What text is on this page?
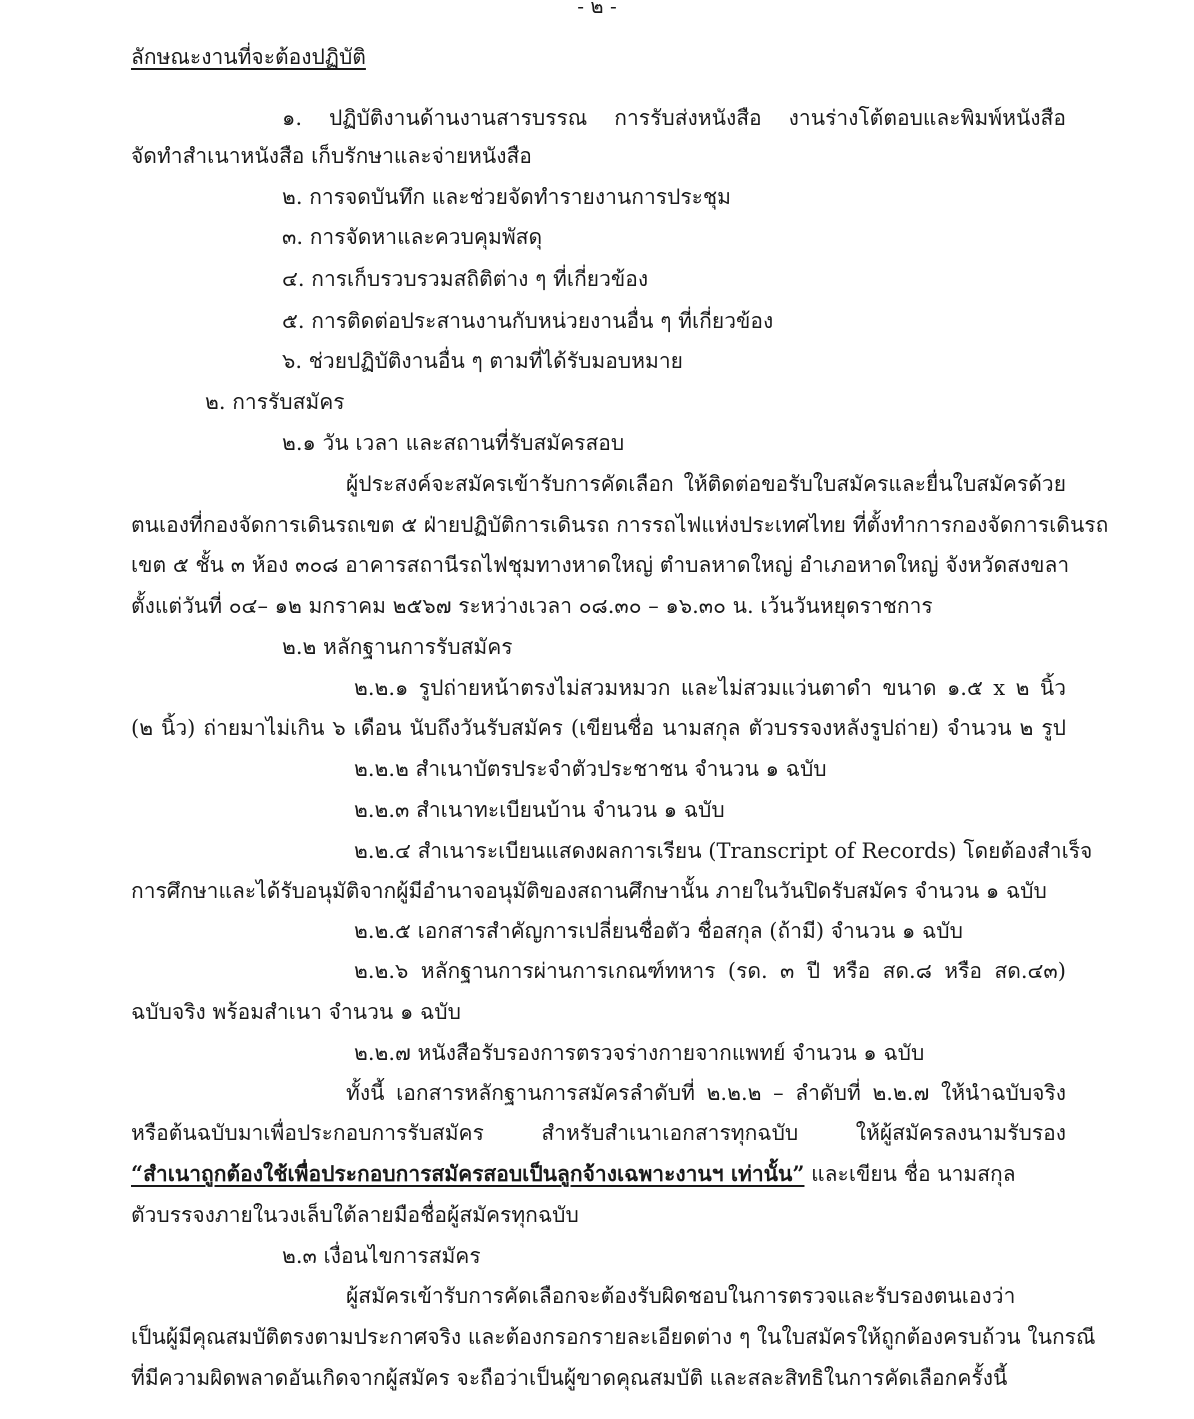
- ๒ -
ลักษณะงานที่จะต้องปฏิบัติ
๑. ปฏิบัติงานด้านงานสารบรรณ การรับส่งหนังสือ งานร่างโต้ตอบและพิมพ์หนังสือ
จัดทำสำเนาหนังสือ เก็บรักษาและจ่ายหนังสือ
๒. การจดบันทึก และช่วยจัดทำรายงานการประชุม
๓. การจัดหาและควบคุมพัสดุ
๔. การเก็บรวบรวมสถิติต่าง ๆ ที่เกี่ยวข้อง
๕. การติดต่อประสานงานกับหน่วยงานอื่น ๆ ที่เกี่ยวข้อง
๖. ช่วยปฏิบัติงานอื่น ๆ ตามที่ได้รับมอบหมาย
๒. การรับสมัคร
๒.๑ วัน เวลา และสถานที่รับสมัครสอบ
ผู้ประสงค์จะสมัครเข้ารับการคัดเลือก ให้ติดต่อขอรับใบสมัครและยื่นใบสมัครด้วย
ตนเองที่กองจัดการเดินรถเขต ๕ ฝ่ายปฏิบัติการเดินรถ การรถไฟแห่งประเทศไทย ที่ตั้งทำการกองจัดการเดินรถ
เขต ๕ ชั้น ๓ ห้อง ๓๐๘ อาคารสถานีรถไฟชุมทางหาดใหญ่ ตำบลหาดใหญ่ อำเภอหาดใหญ่ จังหวัดสงขลา
ตั้งแต่วันที่ ๐๔– ๑๒ มกราคม ๒๕๖๗ ระหว่างเวลา ๐๘.๓๐ – ๑๖.๓๐ น. เว้นวันหยุดราชการ
๒.๒ หลักฐานการรับสมัคร
๒.๒.๑ รูปถ่ายหน้าตรงไม่สวมหมวก และไม่สวมแว่นตาดำ ขนาด ๑.๕ x ๒ นิ้ว
(๒ นิ้ว) ถ่ายมาไม่เกิน ๖ เดือน นับถึงวันรับสมัคร (เขียนชื่อ นามสกุล ตัวบรรจงหลังรูปถ่าย) จำนวน ๒ รูป
๒.๒.๒ สำเนาบัตรประจำตัวประชาชน จำนวน ๑ ฉบับ
๒.๒.๓ สำเนาทะเบียนบ้าน จำนวน ๑ ฉบับ
๒.๒.๔ สำเนาระเบียนแสดงผลการเรียน (Transcript of Records) โดยต้องสำเร็จ
การศึกษาและได้รับอนุมัติจากผู้มีอำนาจอนุมัติของสถานศึกษานั้น ภายในวันปิดรับสมัคร จำนวน ๑ ฉบับ
๒.๒.๕ เอกสารสำคัญการเปลี่ยนชื่อตัว ชื่อสกุล (ถ้ามี) จำนวน ๑ ฉบับ
๒.๒.๖ หลักฐานการผ่านการเกณฑ์ทหาร (รด. ๓ ปี หรือ สด.๘ หรือ สด.๔๓)
ฉบับจริง พร้อมสำเนา จำนวน ๑ ฉบับ
๒.๒.๗ หนังสือรับรองการตรวจร่างกายจากแพทย์ จำนวน ๑ ฉบับ
ทั้งนี้ เอกสารหลักฐานการสมัครลำดับที่ ๒.๒.๒ – ลำดับที่ ๒.๒.๗ ให้นำฉบับจริง
หรือต้นฉบับมาเพื่อประกอบการรับสมัคร สำหรับสำเนาเอกสารทุกฉบับ ให้ผู้สมัครลงนามรับรอง
“สำเนาถูกต้องใช้เพื่อประกอบการสมัครสอบเป็นลูกจ้างเฉพาะงานฯ เท่านั้น” และเขียน ชื่อ นามสกุล
ตัวบรรจงภายในวงเล็บใต้ลายมือชื่อผู้สมัครทุกฉบับ
๒.๓ เงื่อนไขการสมัคร
ผู้สมัครเข้ารับการคัดเลือกจะต้องรับผิดชอบในการตรวจและรับรองตนเองว่า
เป็นผู้มีคุณสมบัติตรงตามประกาศจริง และต้องกรอกรายละเอียดต่าง ๆ ในใบสมัครให้ถูกต้องครบถ้วน ในกรณี
ที่มีความผิดพลาดอันเกิดจากผู้สมัคร จะถือว่าเป็นผู้ขาดคุณสมบัติ และสละสิทธิในการคัดเลือกครั้งนี้
